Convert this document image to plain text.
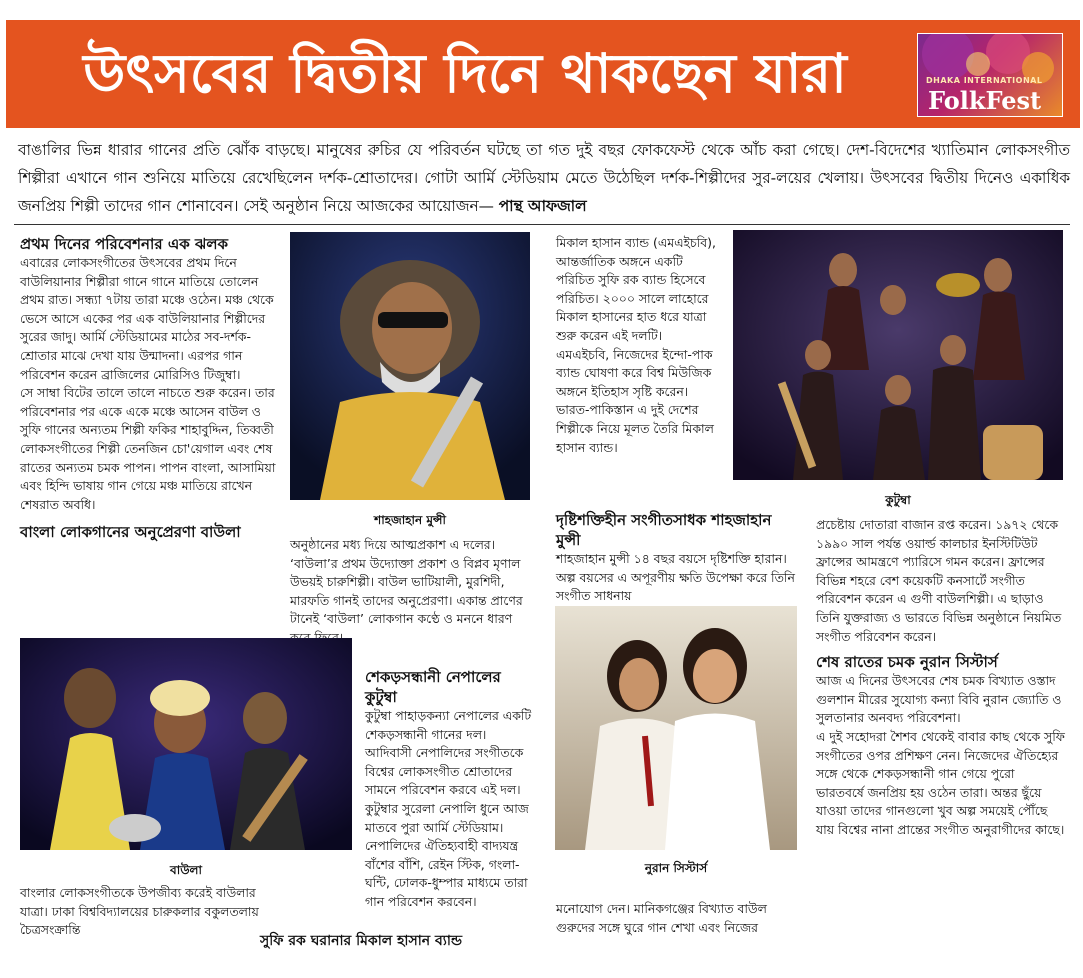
উৎসবের দ্বিতীয় দিনে থাকছেন যারা	DHAKA INTERNATIONAL
FolkFest
বাঙালির ভিন্ন ধারার গানের প্রতি ঝোঁক বাড়ছে। মানুষের রুচির যে পরিবর্তন ঘটছে তা গত দুই বছর ফোকফেস্ট থেকে আঁচ করা গেছে। দেশ-বিদেশের খ্যাতিমান লোকসংগীত শিল্পীরা এখানে গান শুনিয়ে মাতিয়ে রেখেছিলেন দর্শক-শ্রোতাদের। গোটা আর্মি স্টেডিয়াম মেতে উঠেছিল দর্শক-শিল্পীদের সুর-লয়ের খেলায়। উৎসবের দ্বিতীয় দিনেও একাধিক জনপ্রিয় শিল্পী তাদের গান শোনাবেন। সেই অনুষ্ঠান নিয়ে আজকের আয়োজন— পান্থ আফজাল

প্রথম দিনের পরিবেশনার এক ঝলক

এবারের লোকসংগীতের উৎসবের প্রথম দিনে বাউলিয়ানার শিল্পীরা গানে গানে মাতিয়ে তোলেন প্রথম রাত। সন্ধ্যা ৭টায় তারা মঞ্চে ওঠেন। মঞ্চ থেকে ভেসে আসে একের পর এক বাউলিয়ানার শিল্পীদের সুরের জাদু। আর্মি স্টেডিয়ামের মাঠের সব-দর্শক-শ্রোতার মাঝে দেখা যায় উন্মাদনা। এরপর গান পরিবেশন করেন ব্রাজিলের মোরিসিও টিজুম্বা।

সে সাম্বা বিটের তালে তালে নাচতে শুরু করেন। তার পরিবেশনার পর একে একে মঞ্চে আসেন বাউল ও সুফি গানের অন্যতম শিল্পী ফকির শাহাবুদ্দিন, তিব্বতী লোকসংগীতের শিল্পী তেনজিন চো'য়েগাল এবং শেষ রাতের অন্যতম চমক পাপন। পাপন বাংলা, আসামিয়া এবং হিন্দি ভাষায় গান গেয়ে মঞ্চ মাতিয়ে রাখেন শেষরাত অবধি।

বাংলা লোকগানের অনুপ্রেরণা বাউলা

শাহজাহান মুন্সী

অনুষ্ঠানের মধ্য দিয়ে আত্মপ্রকাশ এ দলের। ‘বাউলা’র প্রথম উদ্যোক্তা প্রকাশ ও বিপ্লব মৃণাল উভয়ই চারুশিল্পী। বাউল ভাটিয়ালী, মুরশিদী, মারফতি গানই তাদের অনুপ্রেরণা। একান্ত প্রাণের টানেই ‘বাউলা’ লোকগান কণ্ঠে ও মননে ধারণ

শেকড়সন্ধানী নেপালের কুটুম্বা

কুটুম্বা পাহাড়কন্যা নেপালের একটি শেকড়সন্ধানী গানের দল। আদিবাসী নেপালিদের সংগীতকে বিশ্বের লোকসংগীত শ্রোতাদের সামনে পরিবেশন করবে এই দল। কুটুম্বার সুরেলা নেপালি ধুনে আজ মাতবে পুরা আর্মি স্টেডিয়াম। নেপালিদের ঐতিহ্যবাহী বাদ্যযন্ত্র বাঁশের বাঁশি, রেইন স্টিক, গংলা-ঘন্টি, ঢোলক-ধুম্পার মাধ্যমে তারা গান পরিবেশন করবেন।

সুফি রক ঘরানার মিকাল হাসান ব্যান্ড
বাউলা

বাংলার লোকসংগীতকে উপজীব্য করেই বাউলার যাত্রা। ঢাকা বিশ্ববিদ্যালয়ের চারুকলার বকুলতলায় চৈত্রসংক্রান্তি

মিকাল হাসান ব্যান্ড (এমএইচবি), আন্তর্জাতিক অঙ্গনে একটি পরিচিত সুফি রক ব্যান্ড হিসেবে পরিচিত। ২০০০ সালে লাহোরে মিকাল হাসানের হাত ধরে যাত্রা শুরু করেন এই দলটি।

এমএইচবি, নিজেদের ইন্দো-পাক ব্যান্ড ঘোষণা করে বিশ্ব মিউজিক অঙ্গনে ইতিহাস সৃষ্টি করেন। ভারত-পাকিস্তান এ দুই দেশের শিল্পীকে নিয়ে মূলত তৈরি মিকাল হাসান ব্যান্ড।

দৃষ্টিশক্তিহীন সংগীতসাধক শাহজাহান মুন্সী

শাহজাহান মুন্সী ১৪ বছর বয়সে দৃষ্টিশক্তি হারান। অল্প বয়সের এ অপূরণীয় ক্ষতি উপেক্ষা করে তিনি সংগীত সাধনায়

কুটুম্বা

প্রচেষ্টায় দোতারা বাজান রপ্ত করেন। ১৯৭২ থেকে ১৯৯০ সাল পর্যন্ত ওয়ার্ল্ড কালচার ইনস্টিটিউট ফ্রান্সের আমন্ত্রণে প্যারিসে গমন করেন। ফ্রান্সের বিভিন্ন শহরে বেশ কয়েকটি কনসার্টে সংগীত পরিবেশন করেন এ গুণী বাউলশিল্পী। এ ছাড়াও তিনি যুক্তরাজ্য ও ভারতে বিভিন্ন অনুষ্ঠানে নিয়মিত সংগীত পরিবেশন করেন।

শেষ রাতের চমক নুরান সিস্টার্স

আজ এ দিনের উৎসবের শেষ চমক বিখ্যাত ওস্তাদ গুলশান মীরের সুযোগ্য কন্যা বিবি নুরান জ্যোতি ও সুলতানার অনবদ্য পরিবেশনা।

এ দুই সহোদরা শৈশব থেকেই বাবার কাছ থেকে সুফি সংগীতের ওপর প্রশিক্ষণ নেন। নিজেদের ঐতিহ্যের সঙ্গে থেকে শেকড়সন্ধানী গান গেয়ে পুরো ভারতবর্ষে জনপ্রিয় হয় ওঠেন তারা। অন্তর ছুঁয়ে যাওয়া তাদের গানগুলো খুব অল্প সময়েই পৌঁছে যায় বিশ্বের নানা প্রান্তের সংগীত অনুরাগীদের কাছে।

নুরান সিস্টার্স

মনোযোগ দেন। মানিকগঞ্জের বিখ্যাত বাউল গুরুদের সঙ্গে ঘুরে গান শেখা এবং নিজের
